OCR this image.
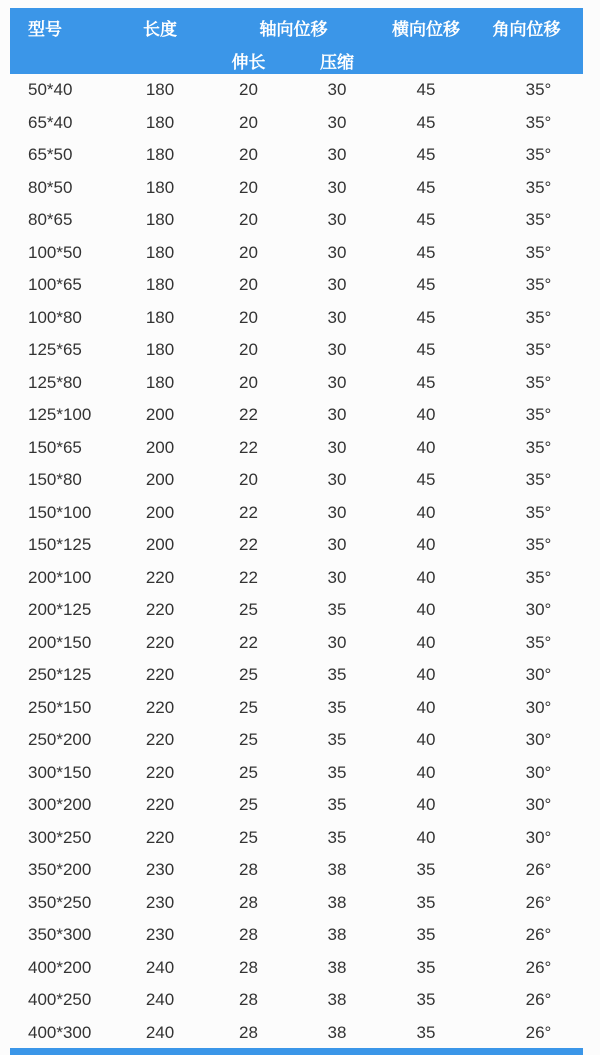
型号	长度	轴向位移		横向位移	角向位移
		伸长	压缩		
50*40	180	20	30	45	35°
65*40	180	20	30	45	35°
65*50	180	20	30	45	35°
80*50	180	20	30	45	35°
80*65	180	20	30	45	35°
100*50	180	20	30	45	35°
100*65	180	20	30	45	35°
100*80	180	20	30	45	35°
125*65	180	20	30	45	35°
125*80	180	20	30	45	35°
125*100	200	22	30	40	35°
150*65	200	22	30	40	35°
150*80	200	20	30	45	35°
150*100	200	22	30	40	35°
150*125	200	22	30	40	35°
200*100	220	22	30	40	35°
200*125	220	25	35	40	30°
200*150	220	22	30	40	35°
250*125	220	25	35	40	30°
250*150	220	25	35	40	30°
250*200	220	25	35	40	30°
300*150	220	25	35	40	30°
300*200	220	25	35	40	30°
300*250	220	25	35	40	30°
350*200	230	28	38	35	26°
350*250	230	28	38	35	26°
350*300	230	28	38	35	26°
400*200	240	28	38	35	26°
400*250	240	28	38	35	26°
400*300	240	28	38	35	26°
